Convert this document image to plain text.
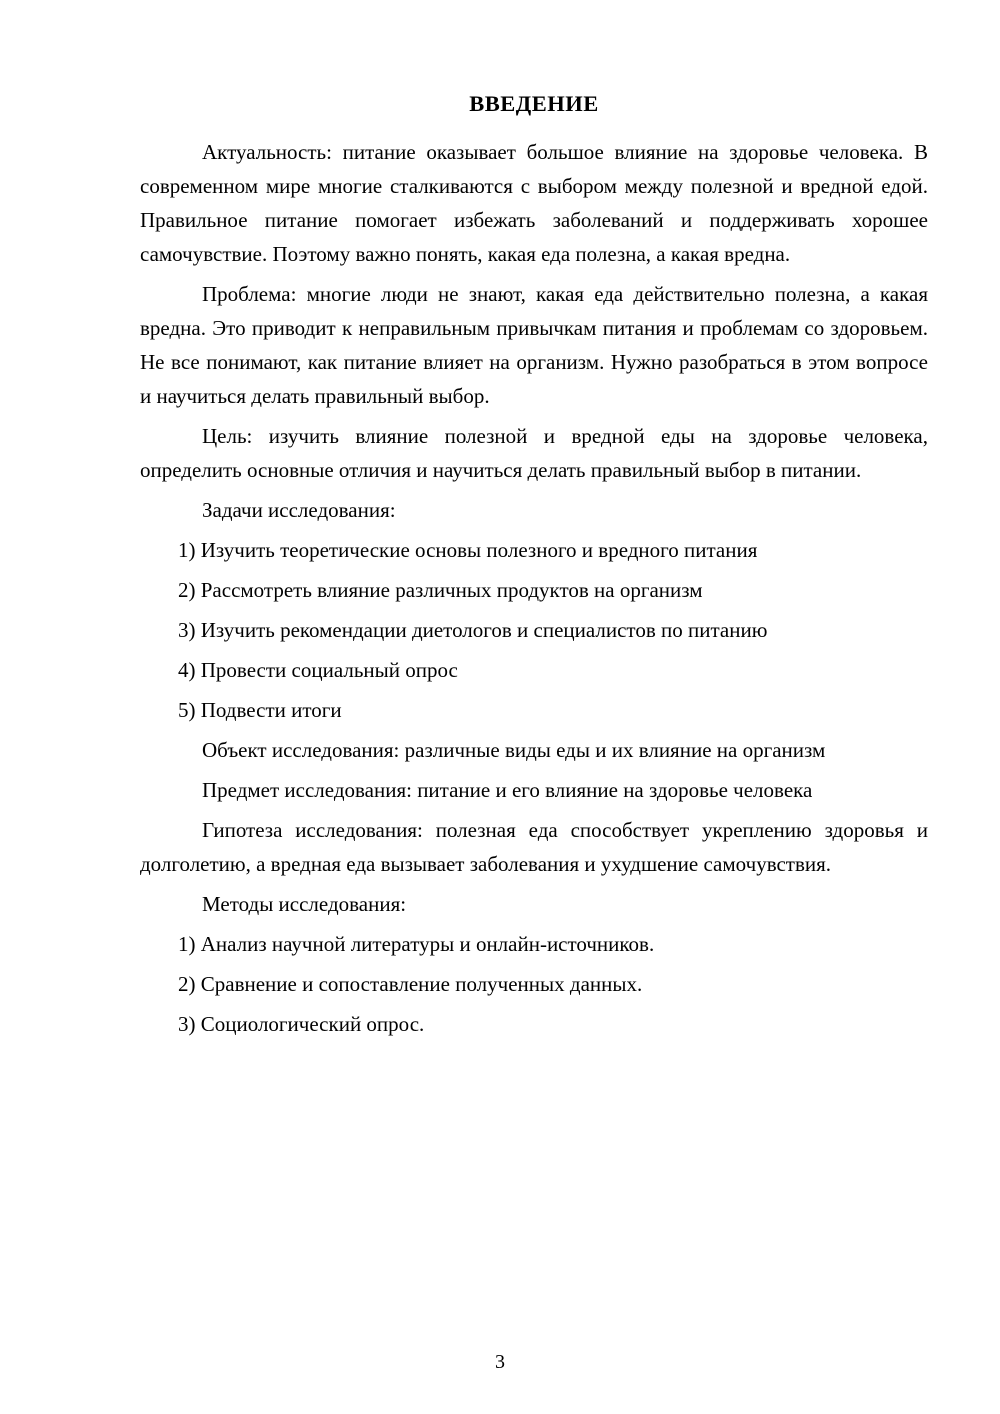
ВВЕДЕНИЕ

Актуальность: питание оказывает большое влияние на здоровье человека. В современном мире многие сталкиваются с выбором между полезной и вредной едой. Правильное питание помогает избежать заболеваний и поддерживать хорошее самочувствие. Поэтому важно понять, какая еда полезна, а какая вредна.

Проблема: многие люди не знают, какая еда действительно полезна, а какая вредна. Это приводит к неправильным привычкам питания и проблемам со здоровьем. Не все понимают, как питание влияет на организм. Нужно разобраться в этом вопросе и научиться делать правильный выбор.

Цель: изучить влияние полезной и вредной еды на здоровье человека, определить основные отличия и научиться делать правильный выбор в питании.

Задачи исследования:

1) Изучить теоретические основы полезного и вредного питания

2) Рассмотреть влияние различных продуктов на организм

3) Изучить рекомендации диетологов и специалистов по питанию

4) Провести социальный опрос

5) Подвести итоги

Объект исследования: различные виды еды и их влияние на организм

Предмет исследования: питание и его влияние на здоровье человека

Гипотеза исследования: полезная еда способствует укреплению здоровья и долголетию, а вредная еда вызывает заболевания и ухудшение самочувствия.

Методы исследования:

1) Анализ научной литературы и онлайн-источников.

2) Сравнение и сопоставление полученных данных.

3) Социологический опрос.

3
